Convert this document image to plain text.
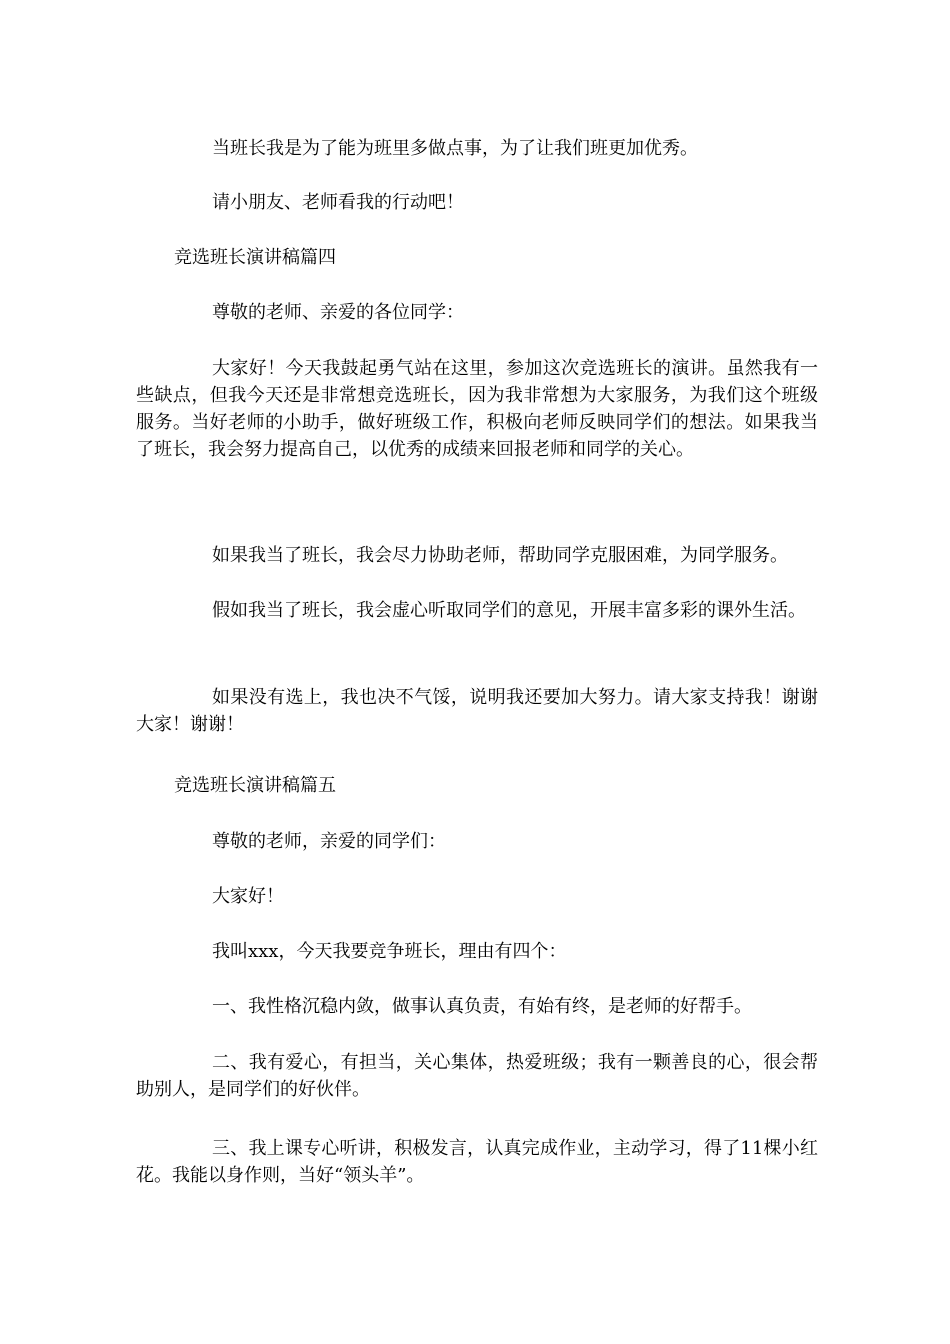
当班长我是为了能为班里多做点事，为了让我们班更加优秀。

请小朋友、老师看我的行动吧！

竞选班长演讲稿篇四

尊敬的老师、亲爱的各位同学：

大家好！今天我鼓起勇气站在这里，参加这次竞选班长的演讲。虽然我有一些缺点，但我今天还是非常想竞选班长，因为我非常想为大家服务，为我们这个班级服务。当好老师的小助手，做好班级工作，积极向老师反映同学们的想法。如果我当了班长，我会努力提高自己，以优秀的成绩来回报老师和同学的关心。

如果我当了班长，我会尽力协助老师，帮助同学克服困难，为同学服务。

假如我当了班长，我会虚心听取同学们的意见，开展丰富多彩的课外生活。

如果没有选上，我也决不气馁，说明我还要加大努力。请大家支持我！谢谢大家！谢谢！

竞选班长演讲稿篇五

尊敬的老师，亲爱的同学们：

大家好！

我叫xxx，今天我要竞争班长，理由有四个：

一、我性格沉稳内敛，做事认真负责，有始有终，是老师的好帮手。

二、我有爱心，有担当，关心集体，热爱班级；我有一颗善良的心，很会帮助别人，是同学们的好伙伴。

三、我上课专心听讲，积极发言，认真完成作业，主动学习，得了11棵小红花。我能以身作则，当好“领头羊”。
